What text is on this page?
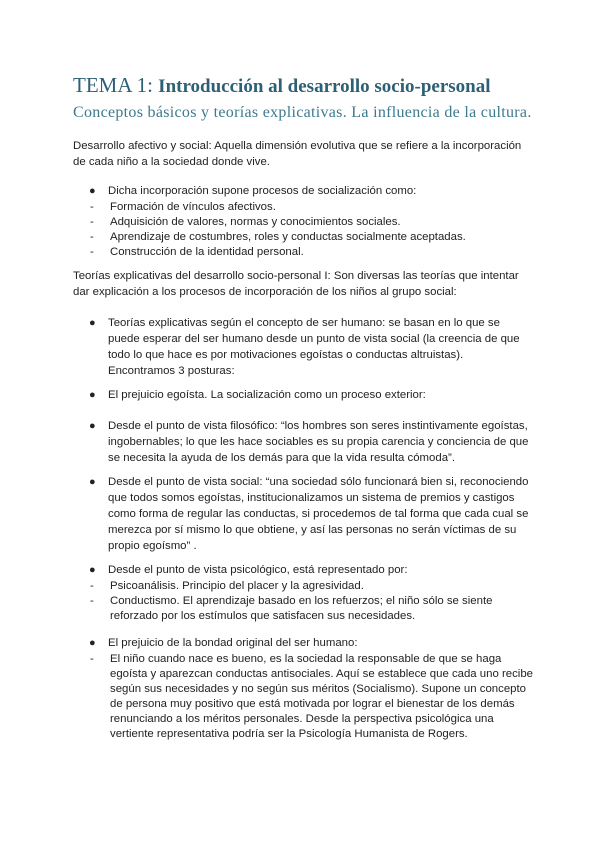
TEMA 1: Introducción al desarrollo socio-personal
Conceptos básicos y teorías explicativas. La influencia de la cultura.

Desarrollo afectivo y social: Aquella dimensión evolutiva que se refiere a la incorporación de cada niño a la sociedad donde vive.

● Dicha incorporación supone procesos de socialización como:
- Formación de vínculos afectivos.
- Adquisición de valores, normas y conocimientos sociales.
- Aprendizaje de costumbres, roles y conductas socialmente aceptadas.
- Construcción de la identidad personal.

Teorías explicativas del desarrollo socio-personal I: Son diversas las teorías que intentar dar explicación a los procesos de incorporación de los niños al grupo social:

● Teorías explicativas según el concepto de ser humano: se basan en lo que se puede esperar del ser humano desde un punto de vista social (la creencia de que todo lo que hace es por motivaciones egoístas o conductas altruistas). Encontramos 3 posturas:
● El prejuicio egoísta. La socialización como un proceso exterior:
● Desde el punto de vista filosófico: “los hombres son seres instintivamente egoístas, ingobernables; lo que les hace sociables es su propia carencia y conciencia de que se necesita la ayuda de los demás para que la vida resulta cómoda”.
● Desde el punto de vista social: “una sociedad sólo funcionará bien si, reconociendo que todos somos egoístas, institucionalizamos un sistema de premios y castigos como forma de regular las conductas, si procedemos de tal forma que cada cual se merezca por sí mismo lo que obtiene, y así las personas no serán víctimas de su propio egoísmo” .
● Desde el punto de vista psicológico, está representado por:
- Psicoanálisis. Principio del placer y la agresividad.
- Conductismo. El aprendizaje basado en los refuerzos; el niño sólo se siente reforzado por los estímulos que satisfacen sus necesidades.
● El prejuicio de la bondad original del ser humano:
- El niño cuando nace es bueno, es la sociedad la responsable de que se haga egoísta y aparezcan conductas antisociales. Aquí se establece que cada uno recibe según sus necesidades y no según sus méritos (Socialismo). Supone un concepto de persona muy positivo que está motivada por lograr el bienestar de los demás renunciando a los méritos personales. Desde la perspectiva psicológica una vertiente representativa podría ser la Psicología Humanista de Rogers.
